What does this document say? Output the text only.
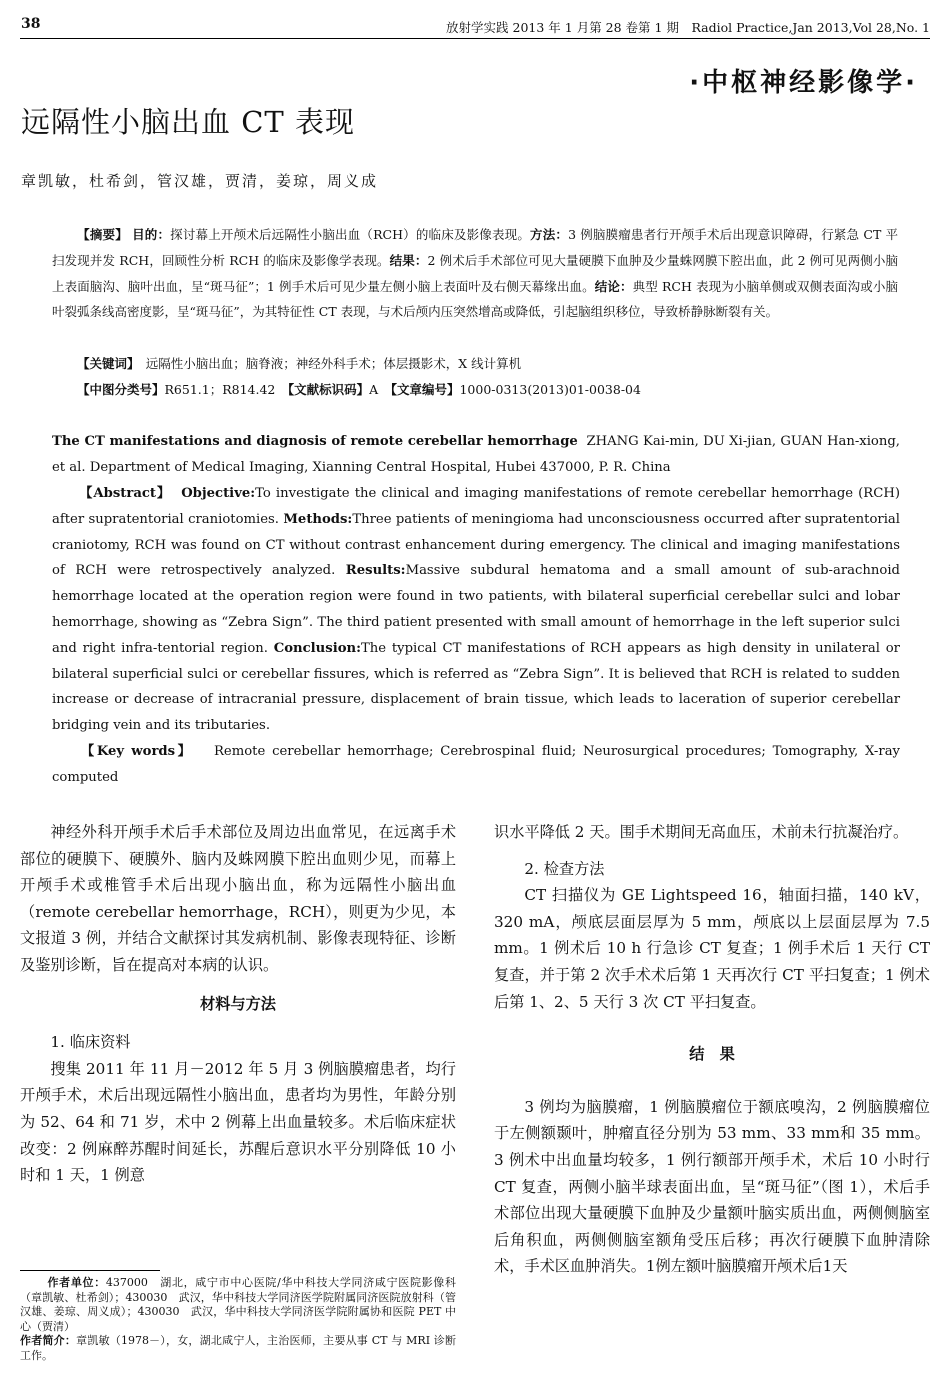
38	放射学实践 2013 年 1 月第 28 卷第 1 期　Radiol Practice,Jan 2013,Vol 28,No. 1
·中枢神经影像学·
远隔性小脑出血 CT 表现
章凯敏，杜希剑，管汉雄，贾清，姜琼，周义成
【摘要】 目的：探讨幕上开颅术后远隔性小脑出血（RCH）的临床及影像表现。方法：3 例脑膜瘤患者行开颅手术后出现意识障碍，行紧急 CT 平扫发现并发 RCH，回顾性分析 RCH 的临床及影像学表现。结果：2 例术后手术部位可见大量硬膜下血肿及少量蛛网膜下腔出血，此 2 例可见两侧小脑上表面脑沟、脑叶出血，呈“斑马征”；1 例手术后可见少量左侧小脑上表面叶及右侧天幕缘出血。结论：典型 RCH 表现为小脑单侧或双侧表面沟或小脑叶裂弧条线高密度影，呈“斑马征”，为其特征性 CT 表现，与术后颅内压突然增高或降低，引起脑组织移位，导致桥静脉断裂有关。
【关键词】　 远隔性小脑出血；脑脊液；神经外科手术；体层摄影术，X 线计算机
【中图分类号】R651.1；R814.42　 【文献标识码】A　 【文章编号】1000-0313(2013)01-0038-04
The CT manifestations and diagnosis of remote cerebellar hemorrhage ZHANG Kai-min, DU Xi-jian, GUAN Han-xiong, et al. Department of Medical Imaging, Xianning Central Hospital, Hubei 437000, P. R. China
【Abstract】 Objective:To investigate the clinical and imaging manifestations of remote cerebellar hemorrhage (RCH) after supratentorial craniotomies. Methods:Three patients of meningioma had unconsciousness occurred after supratentorial craniotomy, RCH was found on CT without contrast enhancement during emergency. The clinical and imaging manifestations of RCH were retrospectively analyzed. Results:Massive subdural hematoma and a small amount of sub-arachnoid hemorrhage located at the operation region were found in two patients, with bilateral superficial cerebellar sulci and lobar hemorrhage, showing as “Zebra Sign”. The third patient presented with small amount of hemorrhage in the left superior sulci and right infra-tentorial region. Conclusion:The typical CT manifestations of RCH appears as high density in unilateral or bilateral superficial sulci or cerebellar fissures, which is referred as “Zebra Sign”. It is believed that RCH is related to sudden increase or decrease of intracranial pressure, displacement of brain tissue, which leads to laceration of superior cerebellar bridging vein and its tributaries.
【Key words】 Remote cerebellar hemorrhage; Cerebrospinal fluid; Neurosurgical procedures; Tomography, X-ray computed

神经外科开颅手术后手术部位及周边出血常见，在远离手术部位的硬膜下、硬膜外、脑内及蛛网膜下腔出血则少见，而幕上开颅手术或椎管手术后出现小脑出血，称为远隔性小脑出血（remote cerebellar hemorrhage，RCH），则更为少见，本文报道 3 例，并结合文献探讨其发病机制、影像表现特征、诊断及鉴别诊断，旨在提高对本病的认识。

材料与方法

1. 临床资料

搜集 2011 年 11 月－2012 年 5 月 3 例脑膜瘤患者，均行开颅手术，术后出现远隔性小脑出血，患者均为男性，年龄分别为 52、64 和 71 岁，术中 2 例幕上出血量较多。术后临床症状改变：2 例麻醉苏醒时间延长，苏醒后意识水平分别降低 10 小时和 1 天，1 例意

作者单位：437000　湖北，咸宁市中心医院/华中科技大学同济咸宁医院影像科（章凯敏、杜希剑）；430030　武汉，华中科技大学同济医学院附属同济医院放射科（管汉雄、姜琼、周义成）；430030　武汉，华中科技大学同济医学院附属协和医院 PET 中心（贾清）
作者简介：章凯敏（1978－），女，湖北咸宁人，主治医师，主要从事 CT 与 MRI 诊断工作。

识水平降低 2 天。围手术期间无高血压，术前未行抗凝治疗。

2. 检查方法

CT 扫描仪为 GE Lightspeed 16，轴面扫描，140 kV，320 mA，颅底层面层厚为 5 mm，颅底以上层面层厚为 7.5 mm。1 例术后 10 h 行急诊 CT 复查；1 例手术后 1 天行 CT 复查，并于第 2 次手术术后第 1 天再次行 CT 平扫复查；1 例术后第 1、2、5 天行 3 次 CT 平扫复查。

结　果

3 例均为脑膜瘤，1 例脑膜瘤位于额底嗅沟，2 例脑膜瘤位于左侧额颞叶，肿瘤直径分别为 53 mm、33 mm和 35 mm。3 例术中出血量均较多，1 例行额部开颅手术，术后 10 小时行 CT 复查，两侧小脑半球表面出血，呈“斑马征”（图 1），术后手术部位出现大量硬膜下血肿及少量额叶脑实质出血，两侧侧脑室后角积血，两侧侧脑室额角受压后移；再次行硬膜下血肿清除术，手术区血肿消失。1例左额叶脑膜瘤开颅术后1天
